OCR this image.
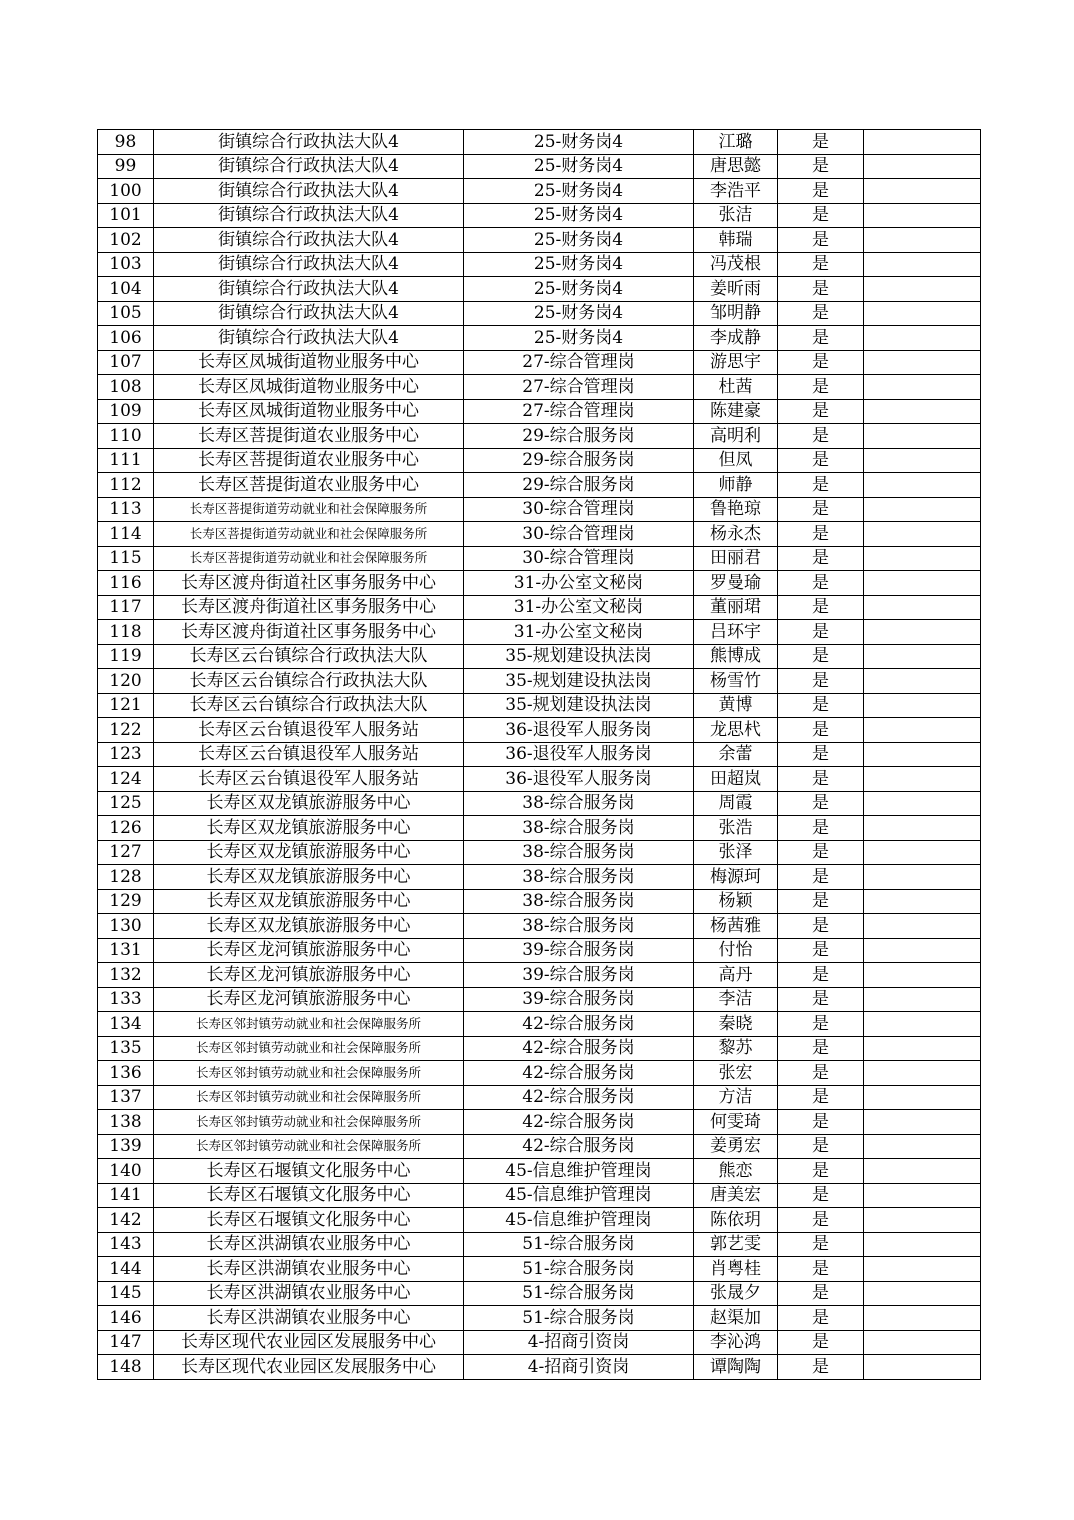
98	街镇综合行政执法大队4	25-财务岗4	江璐	是	
99	街镇综合行政执法大队4	25-财务岗4	唐思懿	是	
100	街镇综合行政执法大队4	25-财务岗4	李浩平	是	
101	街镇综合行政执法大队4	25-财务岗4	张洁	是	
102	街镇综合行政执法大队4	25-财务岗4	韩瑞	是	
103	街镇综合行政执法大队4	25-财务岗4	冯茂根	是	
104	街镇综合行政执法大队4	25-财务岗4	姜昕雨	是	
105	街镇综合行政执法大队4	25-财务岗4	邹明静	是	
106	街镇综合行政执法大队4	25-财务岗4	李成静	是	
107	长寿区凤城街道物业服务中心	27-综合管理岗	游思宇	是	
108	长寿区凤城街道物业服务中心	27-综合管理岗	杜茜	是	
109	长寿区凤城街道物业服务中心	27-综合管理岗	陈建豪	是	
110	长寿区菩提街道农业服务中心	29-综合服务岗	高明利	是	
111	长寿区菩提街道农业服务中心	29-综合服务岗	但凤	是	
112	长寿区菩提街道农业服务中心	29-综合服务岗	师静	是	
113	长寿区菩提街道劳动就业和社会保障服务所	30-综合管理岗	鲁艳琼	是	
114	长寿区菩提街道劳动就业和社会保障服务所	30-综合管理岗	杨永杰	是	
115	长寿区菩提街道劳动就业和社会保障服务所	30-综合管理岗	田丽君	是	
116	长寿区渡舟街道社区事务服务中心	31-办公室文秘岗	罗曼瑜	是	
117	长寿区渡舟街道社区事务服务中心	31-办公室文秘岗	董丽珺	是	
118	长寿区渡舟街道社区事务服务中心	31-办公室文秘岗	吕环宇	是	
119	长寿区云台镇综合行政执法大队	35-规划建设执法岗	熊博成	是	
120	长寿区云台镇综合行政执法大队	35-规划建设执法岗	杨雪竹	是	
121	长寿区云台镇综合行政执法大队	35-规划建设执法岗	黄博	是	
122	长寿区云台镇退役军人服务站	36-退役军人服务岗	龙思杙	是	
123	长寿区云台镇退役军人服务站	36-退役军人服务岗	余蕾	是	
124	长寿区云台镇退役军人服务站	36-退役军人服务岗	田超岚	是	
125	长寿区双龙镇旅游服务中心	38-综合服务岗	周霞	是	
126	长寿区双龙镇旅游服务中心	38-综合服务岗	张浩	是	
127	长寿区双龙镇旅游服务中心	38-综合服务岗	张泽	是	
128	长寿区双龙镇旅游服务中心	38-综合服务岗	梅源珂	是	
129	长寿区双龙镇旅游服务中心	38-综合服务岗	杨颖	是	
130	长寿区双龙镇旅游服务中心	38-综合服务岗	杨茜雅	是	
131	长寿区龙河镇旅游服务中心	39-综合服务岗	付怡	是	
132	长寿区龙河镇旅游服务中心	39-综合服务岗	高丹	是	
133	长寿区龙河镇旅游服务中心	39-综合服务岗	李洁	是	
134	长寿区邻封镇劳动就业和社会保障服务所	42-综合服务岗	秦晓	是	
135	长寿区邻封镇劳动就业和社会保障服务所	42-综合服务岗	黎苏	是	
136	长寿区邻封镇劳动就业和社会保障服务所	42-综合服务岗	张宏	是	
137	长寿区邻封镇劳动就业和社会保障服务所	42-综合服务岗	方洁	是	
138	长寿区邻封镇劳动就业和社会保障服务所	42-综合服务岗	何雯琦	是	
139	长寿区邻封镇劳动就业和社会保障服务所	42-综合服务岗	姜勇宏	是	
140	长寿区石堰镇文化服务中心	45-信息维护管理岗	熊恋	是	
141	长寿区石堰镇文化服务中心	45-信息维护管理岗	唐美宏	是	
142	长寿区石堰镇文化服务中心	45-信息维护管理岗	陈依玥	是	
143	长寿区洪湖镇农业服务中心	51-综合服务岗	郭艺雯	是	
144	长寿区洪湖镇农业服务中心	51-综合服务岗	肖粤桂	是	
145	长寿区洪湖镇农业服务中心	51-综合服务岗	张晟夕	是	
146	长寿区洪湖镇农业服务中心	51-综合服务岗	赵渠加	是	
147	长寿区现代农业园区发展服务中心	4-招商引资岗	李沁鸿	是	
148	长寿区现代农业园区发展服务中心	4-招商引资岗	谭陶陶	是	
